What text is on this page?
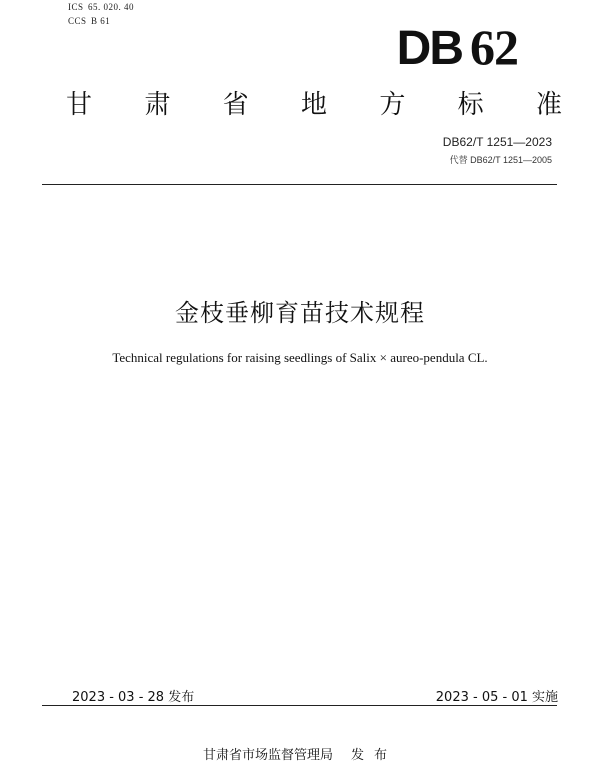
ICS 65. 020. 40
CCS B 61
DB 62
甘 肃 省 地 方 标 准
DB62/T 1251—2023
代替 DB62/T 1251—2005
金枝垂柳育苗技术规程
Technical regulations for raising seedlings of Salix × aureo-pendula CL.
2023 - 03 - 28 发布	2023 - 05 - 01 实施
甘肃省市场监督管理局 发布
